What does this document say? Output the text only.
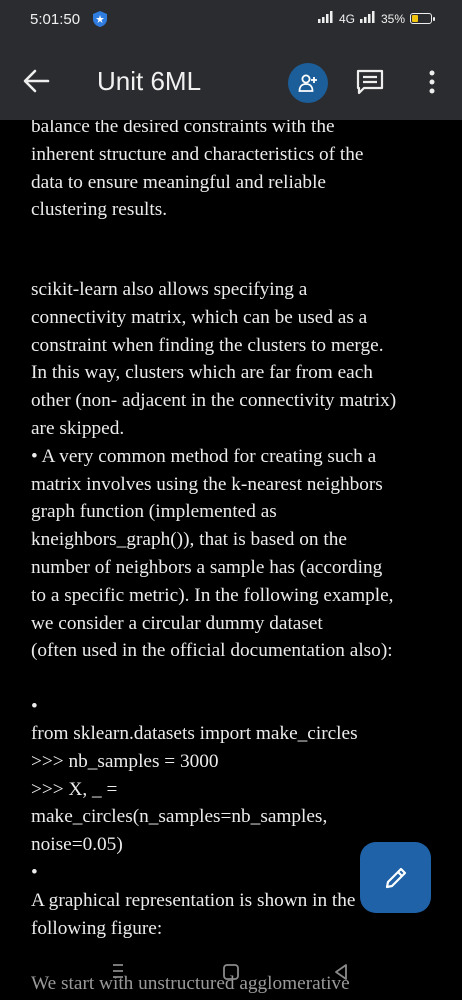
5:01:50	4G 35%
Unit 6ML

balance the desired constraints with the
inherent structure and characteristics of the
data to ensure meaningful and reliable
clustering results.

scikit-learn also allows specifying a
connectivity matrix, which can be used as a
constraint when finding the clusters to merge.
In this way, clusters which are far from each
other (non- adjacent in the connectivity matrix)
are skipped.
• A very common method for creating such a
matrix involves using the k-nearest neighbors
graph function (implemented as
kneighbors_graph()), that is based on the
number of neighbors a sample has (according
to a specific metric). In the following example,
we consider a circular dummy dataset
(often used in the official documentation also):

•

from sklearn.datasets import make_circles
>>> nb_samples = 3000
>>> X, _ =
make_circles(n_samples=nb_samples,
noise=0.05)

•

A graphical representation is shown in the
following figure:

We start with unstructured agglomerative
